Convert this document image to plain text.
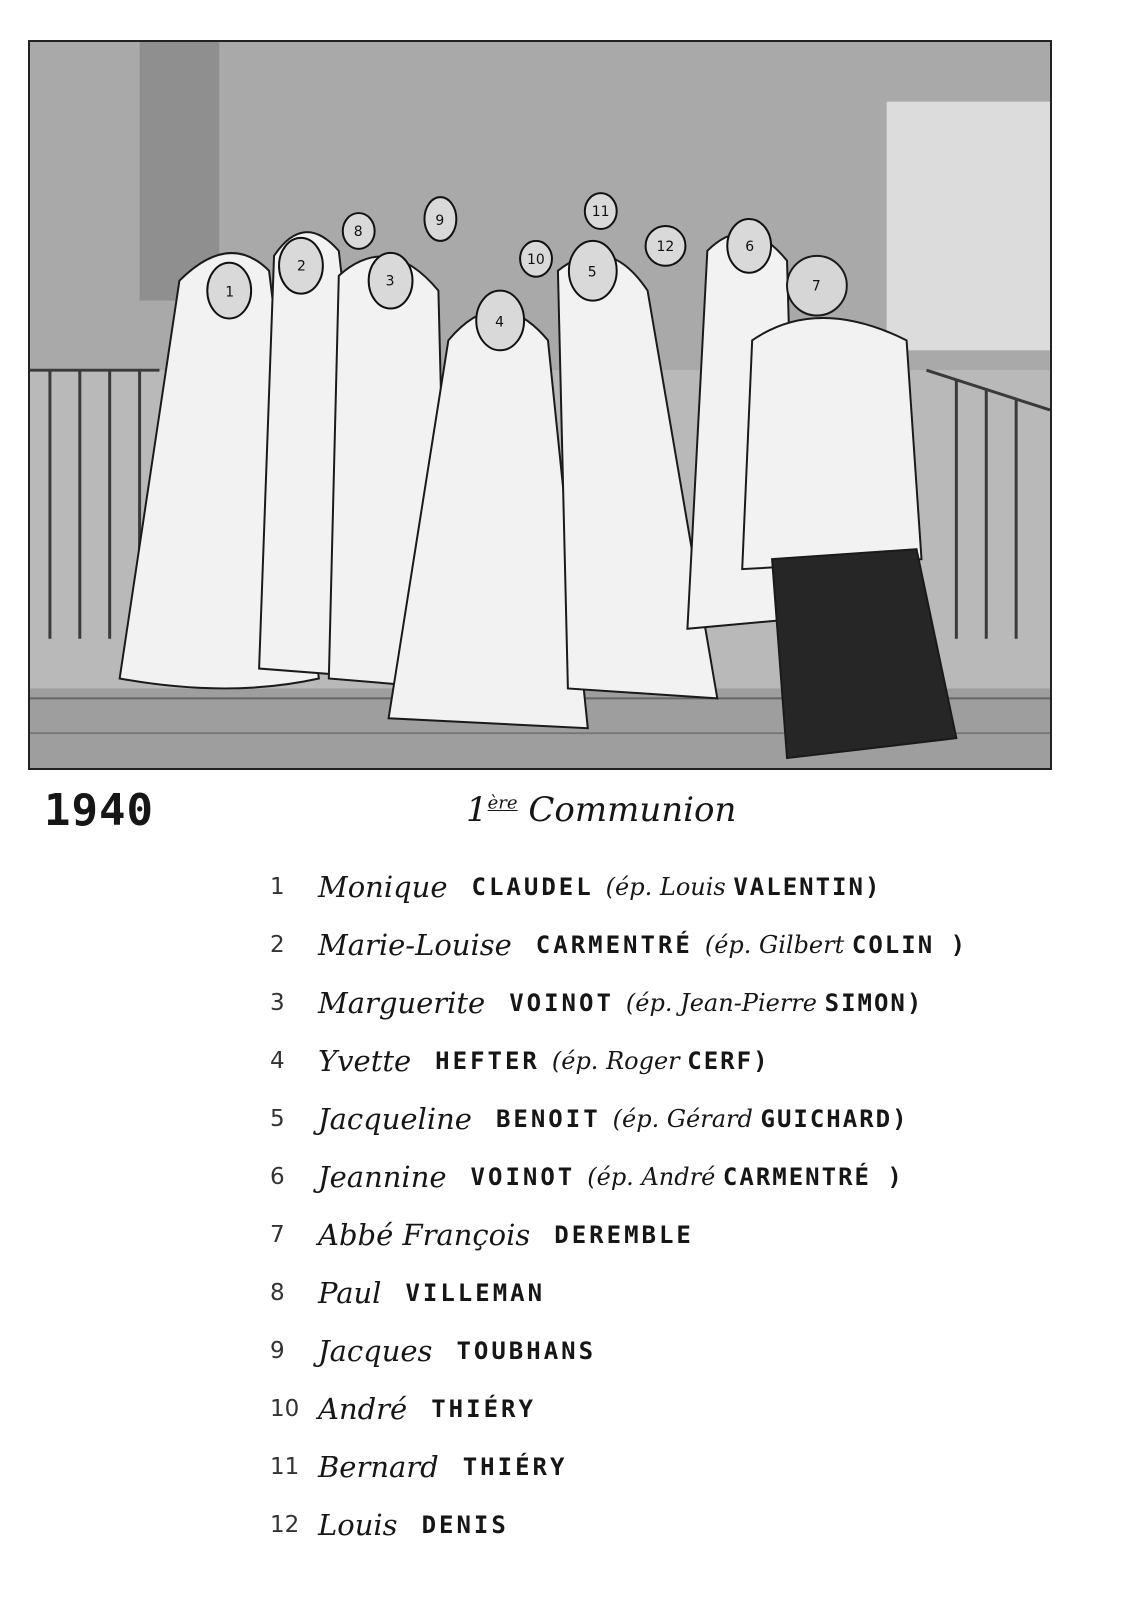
1
2
3
4
5
6
7
8
9
10
11
12
1940	1ère Communion
1	Monique CLAUDEL (ép. Louis VALENTIN)
2	Marie-Louise CARMENTRÉ (ép. Gilbert COLIN )
3	Marguerite VOINOT (ép. Jean-Pierre SIMON)
4	Yvette HEFTER (ép. Roger CERF)
5	Jacqueline BENOIT (ép. Gérard GUICHARD)
6	Jeannine VOINOT (ép. André CARMENTRÉ )
7	Abbé François DEREMBLE
8	Paul VILLEMAN
9	Jacques TOUBHANS
10 André THIÉRY
11 Bernard THIÉRY
12 Louis DENIS
